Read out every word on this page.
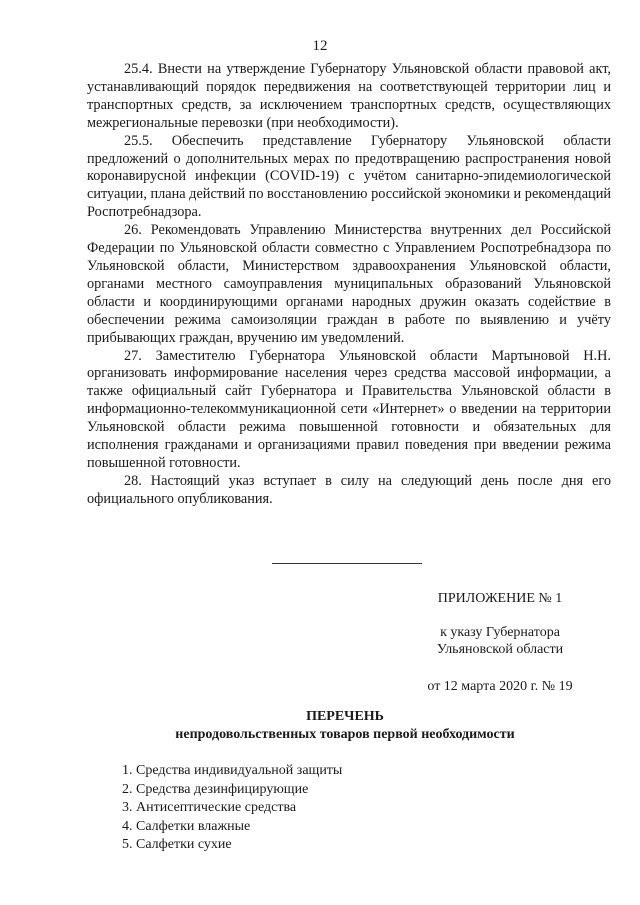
12

25.4. Внести на утверждение Губернатору Ульяновской области правовой акт, устанавливающий порядок передвижения на соответствующей территории лиц и транспортных средств, за исключением транспортных средств, осуществляющих межрегиональные перевозки (при необходимости).

25.5. Обеспечить представление Губернатору Ульяновской области предложений о дополнительных мерах по предотвращению распространения новой коронавирусной инфекции (COVID-19) с учётом санитарно-эпидемиологической ситуации, плана действий по восстановлению российской экономики и рекомендаций Роспотребнадзора.

26. Рекомендовать Управлению Министерства внутренних дел Российской Федерации по Ульяновской области совместно с Управлением Роспотребнадзора по Ульяновской области, Министерством здравоохранения Ульяновской области, органами местного самоуправления муниципальных образований Ульяновской области и координирующими органами народных дружин оказать содействие в обеспечении режима самоизоляции граждан в работе по выявлению и учёту прибывающих граждан, вручению им уведомлений.

27. Заместителю Губернатора Ульяновской области Мартыновой Н.Н. организовать информирование населения через средства массовой информации, а также официальный сайт Губернатора и Правительства Ульяновской области в информационно-телекоммуникационной сети «Интернет» о введении на территории Ульяновской области режима повышенной готовности и обязательных для исполнения гражданами и организациями правил поведения при введении режима повышенной готовности.

28. Настоящий указ вступает в силу на следующий день после дня его официального опубликования.

ПРИЛОЖЕНИЕ № 1
к указу Губернатора
Ульяновской области
от 12 марта 2020 г. № 19
ПЕРЕЧЕНЬ
непродовольственных товаров первой необходимости
1. Средства индивидуальной защиты
2. Средства дезинфицирующие
3. Антисептические средства
4. Салфетки влажные
5. Салфетки сухие
